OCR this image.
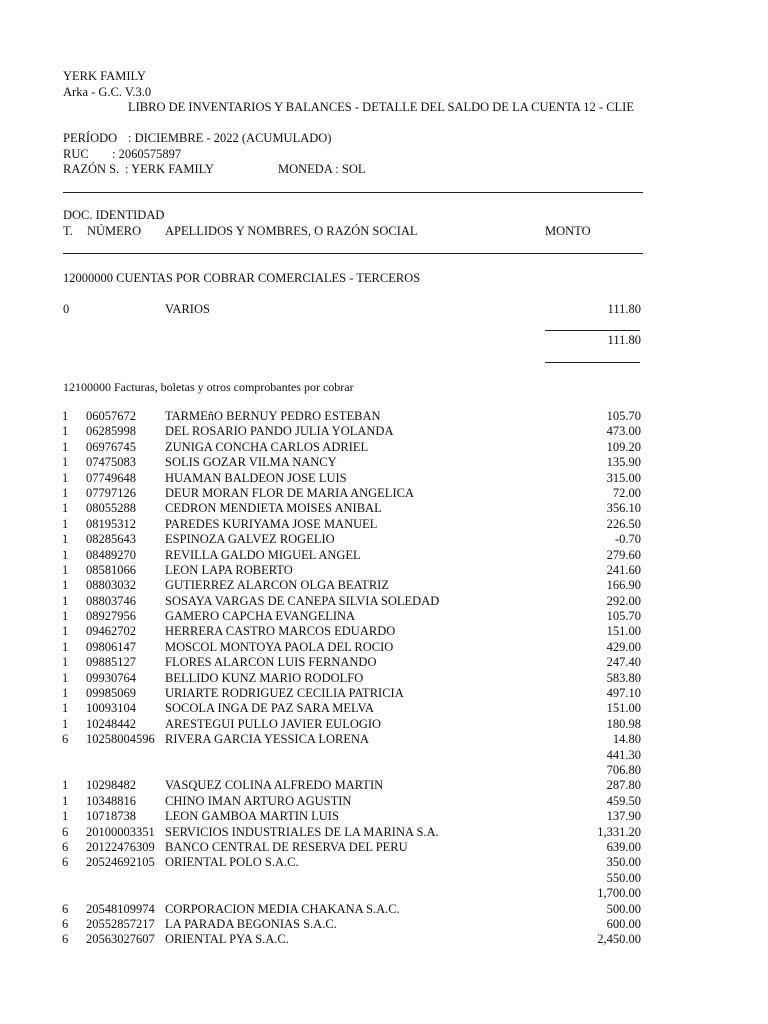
YERK FAMILY
Arka - G.C. V.3.0
LIBRO DE INVENTARIOS Y BALANCES - DETALLE DEL SALDO DE LA CUENTA 12 - CLIE
PERÍODO : DICIEMBRE - 2022 (ACUMULADO)
RUC : 2060575897
RAZÓN S. : YERK FAMILY	MONEDA : SOL
DOC. IDENTIDAD
T. NÚMERO APELLIDOS Y NOMBRES, O RAZÓN SOCIAL	MONTO
12000000 CUENTAS POR COBRAR COMERCIALES - TERCEROS
0	VARIOS	111.80
111.80
12100000 Facturas, boletas y otros comprobantes por cobrar
1 06057672 TARMEñO BERNUY PEDRO ESTEBAN	105.70
1 06285998 DEL ROSARIO PANDO JULIA YOLANDA	473.00
1 06976745 ZUNIGA CONCHA CARLOS ADRIEL	109.20
1 07475083 SOLIS GOZAR VILMA NANCY	135.90
1 07749648 HUAMAN BALDEON JOSE LUIS	315.00
1 07797126 DEUR MORAN FLOR DE MARIA ANGELICA	72.00
1 08055288 CEDRON MENDIETA MOISES ANIBAL	356.10
1 08195312 PAREDES KURIYAMA JOSE MANUEL	226.50
1 08285643 ESPINOZA GALVEZ ROGELIO	-0.70
1 08489270 REVILLA GALDO MIGUEL ANGEL	279.60
1 08581066 LEON LAPA ROBERTO	241.60
1 08803032 GUTIERREZ ALARCON OLGA BEATRIZ	166.90
1 08803746 SOSAYA VARGAS DE CANEPA SILVIA SOLEDAD	292.00
1 08927956 GAMERO CAPCHA EVANGELINA	105.70
1 09462702 HERRERA CASTRO MARCOS EDUARDO	151.00
1 09806147 MOSCOL MONTOYA PAOLA DEL ROCIO	429.00
1 09885127 FLORES ALARCON LUIS FERNANDO	247.40
1 09930764 BELLIDO KUNZ MARIO RODOLFO	583.80
1 09985069 URIARTE RODRIGUEZ CECILIA PATRICIA	497.10
1 10093104 SOCOLA INGA DE PAZ SARA MELVA	151.00
1 10248442 ARESTEGUI PULLO JAVIER EULOGIO	180.98
6 10258004596 RIVERA GARCIA YESSICA LORENA	14.80
441.30
706.80
1 10298482 VASQUEZ COLINA ALFREDO MARTIN	287.80
1 10348816 CHINO IMAN ARTURO AGUSTIN	459.50
1 10718738 LEON GAMBOA MARTIN LUIS	137.90
6 20100003351 SERVICIOS INDUSTRIALES DE LA MARINA S.A.	1,331.20
6 20122476309 BANCO CENTRAL DE RESERVA DEL PERU	639.00
6 20524692105 ORIENTAL POLO S.A.C.	350.00
550.00
1,700.00
6 20548109974 CORPORACION MEDIA CHAKANA S.A.C.	500.00
6 20552857217 LA PARADA BEGONIAS S.A.C.	600.00
6 20563027607 ORIENTAL PYA S.A.C.	2,450.00
